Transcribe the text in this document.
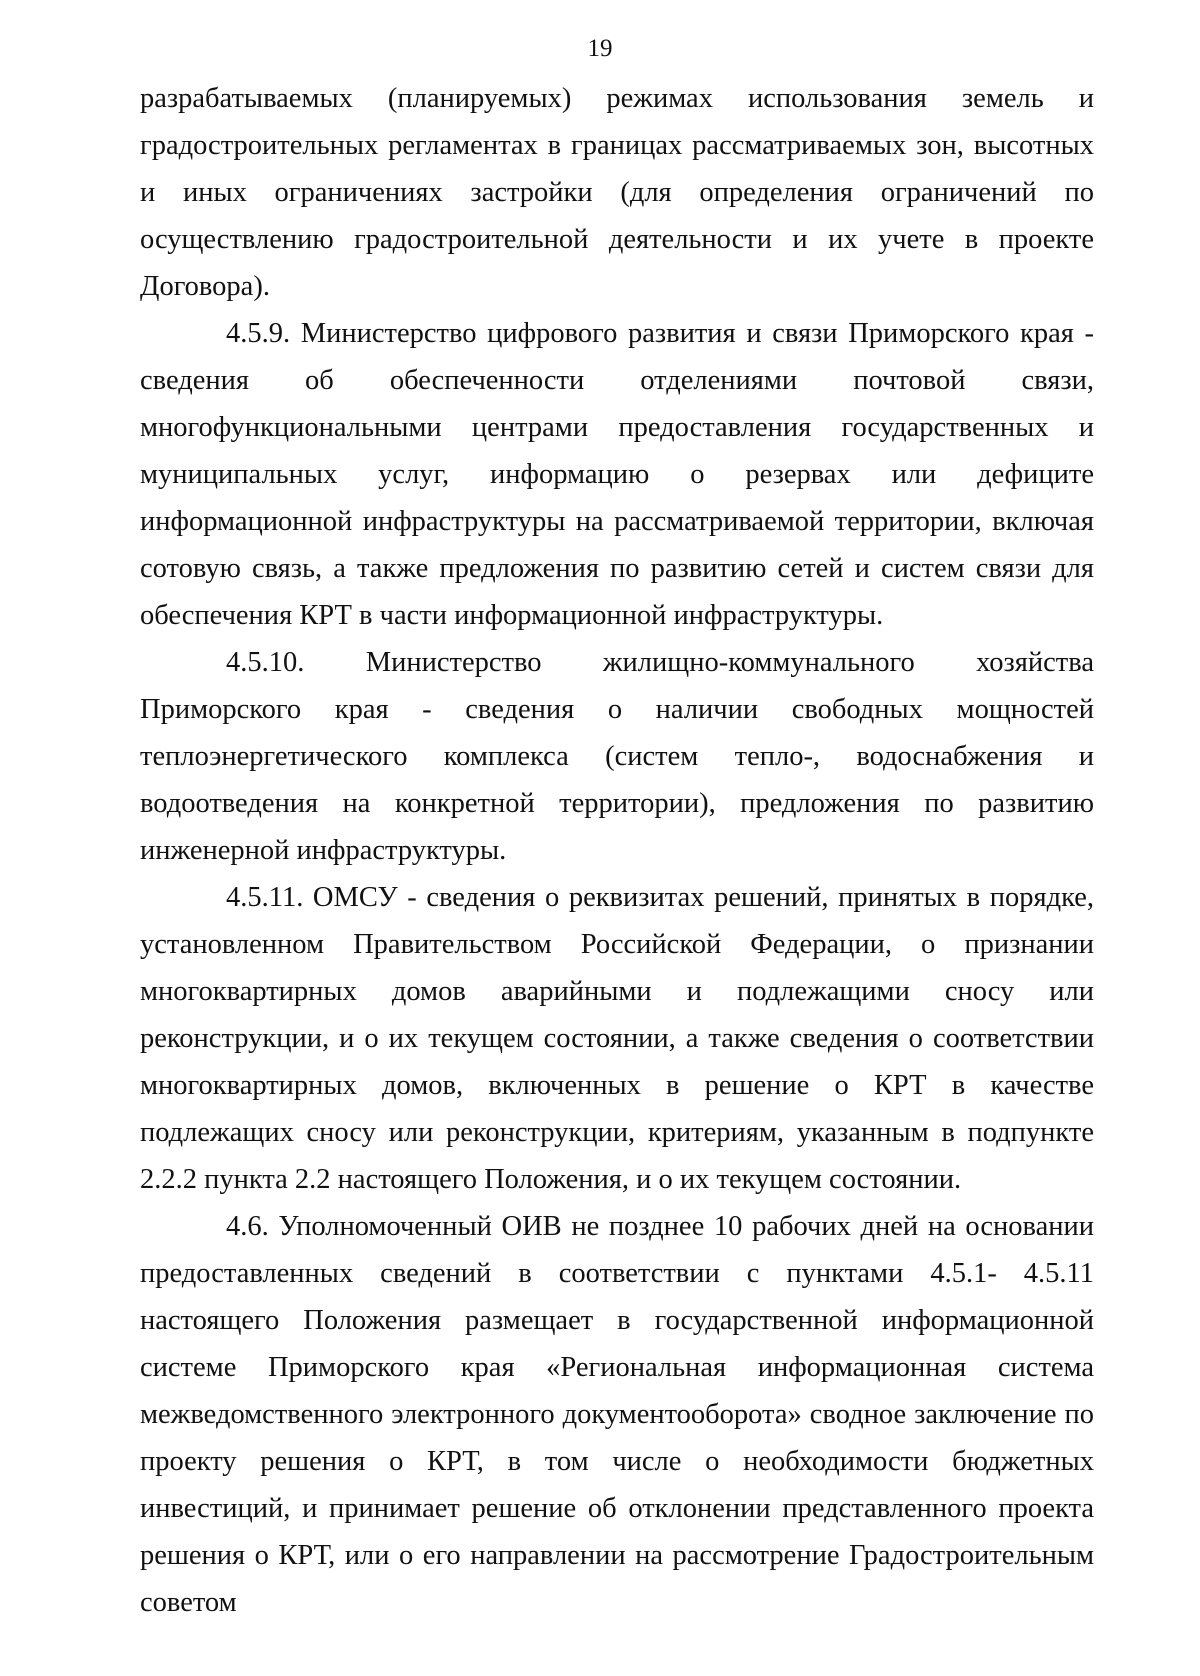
19

разрабатываемых (планируемых) режимах использования земель и градостроительных регламентах в границах рассматриваемых зон, высотных и иных ограничениях застройки (для определения ограничений по осуществлению градостроительной деятельности и их учете в проекте Договора).

4.5.9. Министерство цифрового развития и связи Приморского края - сведения об обеспеченности отделениями почтовой связи, многофункциональными центрами предоставления государственных и муниципальных услуг, информацию о резервах или дефиците информационной инфраструктуры на рассматриваемой территории, включая сотовую связь, а также предложения по развитию сетей и систем связи для обеспечения КРТ в части информационной инфраструктуры.

4.5.10. Министерство жилищно-коммунального хозяйства Приморского края - сведения о наличии свободных мощностей теплоэнергетического комплекса (систем тепло-, водоснабжения и водоотведения на конкретной территории), предложения по развитию инженерной инфраструктуры.

4.5.11. ОМСУ - сведения о реквизитах решений, принятых в порядке, установленном Правительством Российской Федерации, о признании многоквартирных домов аварийными и подлежащими сносу или реконструкции, и о их текущем состоянии, а также сведения о соответствии многоквартирных домов, включенных в решение о КРТ в качестве подлежащих сносу или реконструкции, критериям, указанным в подпункте 2.2.2 пункта 2.2 настоящего Положения, и о их текущем состоянии.

4.6. Уполномоченный ОИВ не позднее 10 рабочих дней на основании предоставленных сведений в соответствии с пунктами 4.5.1- 4.5.11 настоящего Положения размещает в государственной информационной системе Приморского края «Региональная информационная система межведомственного электронного документооборота» сводное заключение по проекту решения о КРТ, в том числе о необходимости бюджетных инвестиций, и принимает решение об отклонении представленного проекта решения о КРТ, или о его направлении на рассмотрение Градостроительным советом
